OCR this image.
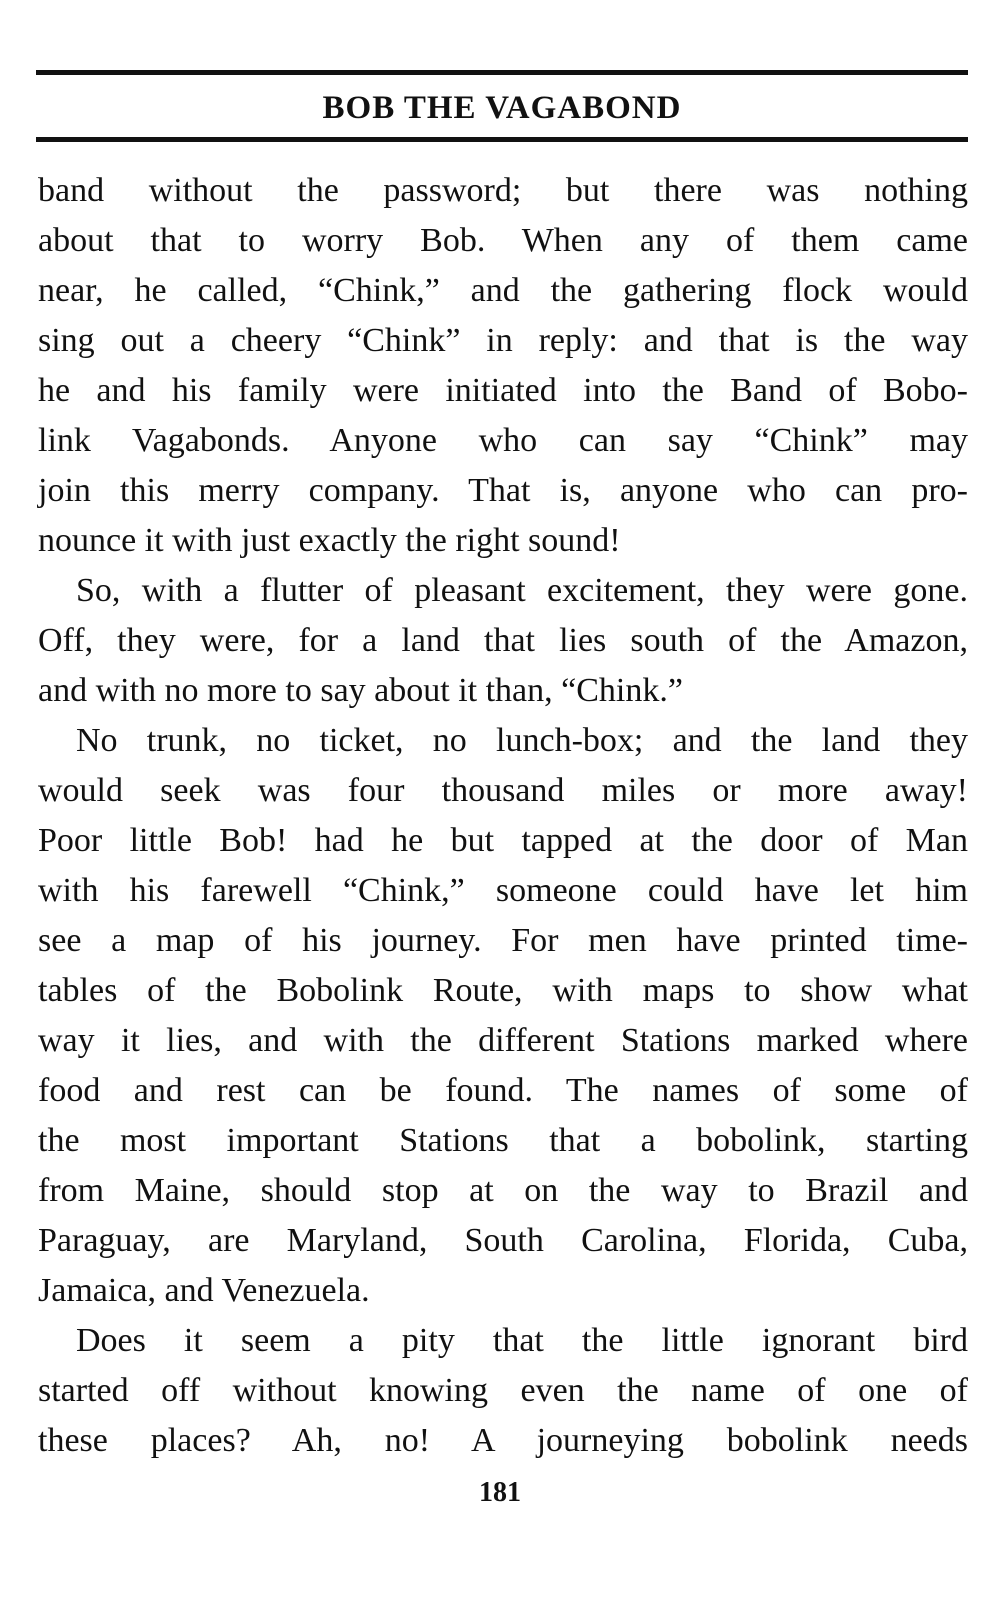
BOB THE VAGABOND
band without the password; but there was nothing
about that to worry Bob. When any of them came
near, he called, “Chink,” and the gathering flock would
sing out a cheery “Chink” in reply: and that is the way
he and his family were initiated into the Band of Bobo-
link Vagabonds. Anyone who can say “Chink” may
join this merry company. That is, anyone who can pro-
nounce it with just exactly the right sound!
So, with a flutter of pleasant excitement, they were gone.
Off, they were, for a land that lies south of the Amazon,
and with no more to say about it than, “Chink.”
No trunk, no ticket, no lunch-box; and the land they
would seek was four thousand miles or more away!
Poor little Bob! had he but tapped at the door of Man
with his farewell “Chink,” someone could have let him
see a map of his journey. For men have printed time-
tables of the Bobolink Route, with maps to show what
way it lies, and with the different Stations marked where
food and rest can be found. The names of some of
the most important Stations that a bobolink, starting
from Maine, should stop at on the way to Brazil and
Paraguay, are Maryland, South Carolina, Florida, Cuba,
Jamaica, and Venezuela.
Does it seem a pity that the little ignorant bird
started off without knowing even the name of one of
these places? Ah, no! A journeying bobolink needs
181
